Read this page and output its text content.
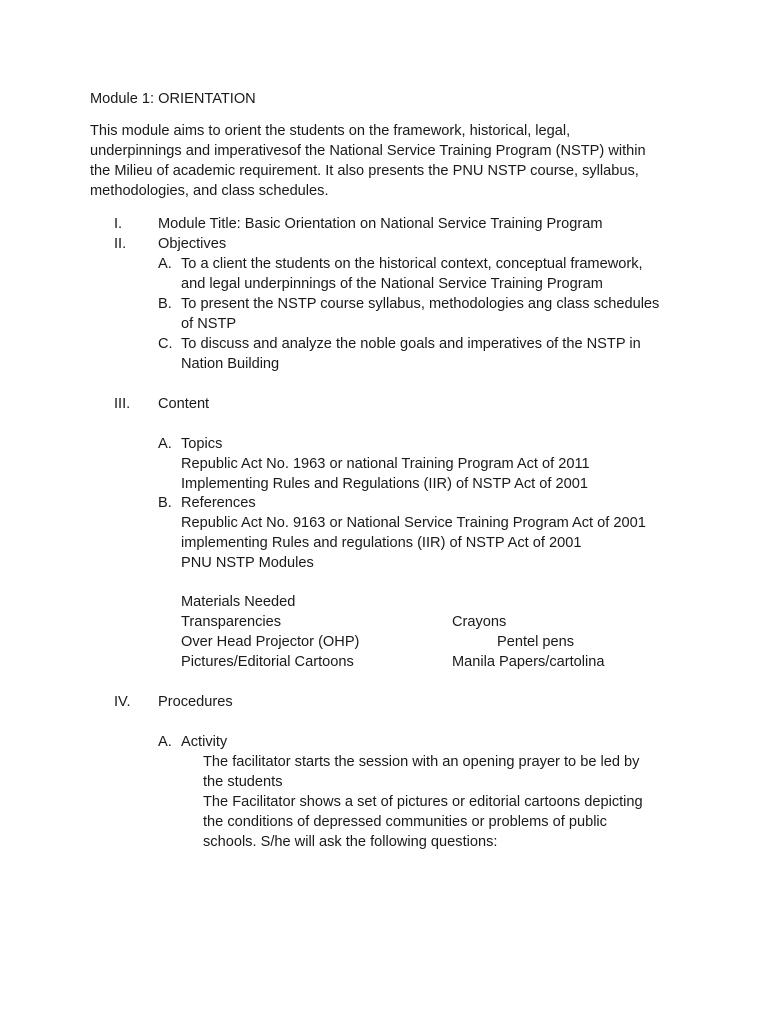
Module 1: ORIENTATION
This module aims to orient the students on the framework, historical, legal,
underpinnings and imperativesof the National Service Training Program (NSTP) within
the Milieu of academic requirement. It also presents the PNU NSTP course, syllabus,
methodologies, and class schedules.
I. Module Title: Basic Orientation on National Service Training Program
II. Objectives
A. To a client the students on the historical context, conceptual framework,
and legal underpinnings of the National Service Training Program
B. To present the NSTP course syllabus, methodologies ang class schedules
of NSTP
C. To discuss and analyze the noble goals and imperatives of the NSTP in
Nation Building
III. Content
A. Topics
Republic Act No. 1963 or national Training Program Act of 2011
Implementing Rules and Regulations (IIR) of NSTP Act of 2001
B. References
Republic Act No. 9163 or National Service Training Program Act of 2001
implementing Rules and regulations (IIR) of NSTP Act of 2001
PNU NSTP Modules
Materials Needed
Transparencies	Crayons
Over Head Projector (OHP)	Pentel pens
Pictures/Editorial Cartoons	Manila Papers/cartolina
IV. Procedures
A. Activity
The facilitator starts the session with an opening prayer to be led by
the students
The Facilitator shows a set of pictures or editorial cartoons depicting
the conditions of depressed communities or problems of public
schools. S/he will ask the following questions:
